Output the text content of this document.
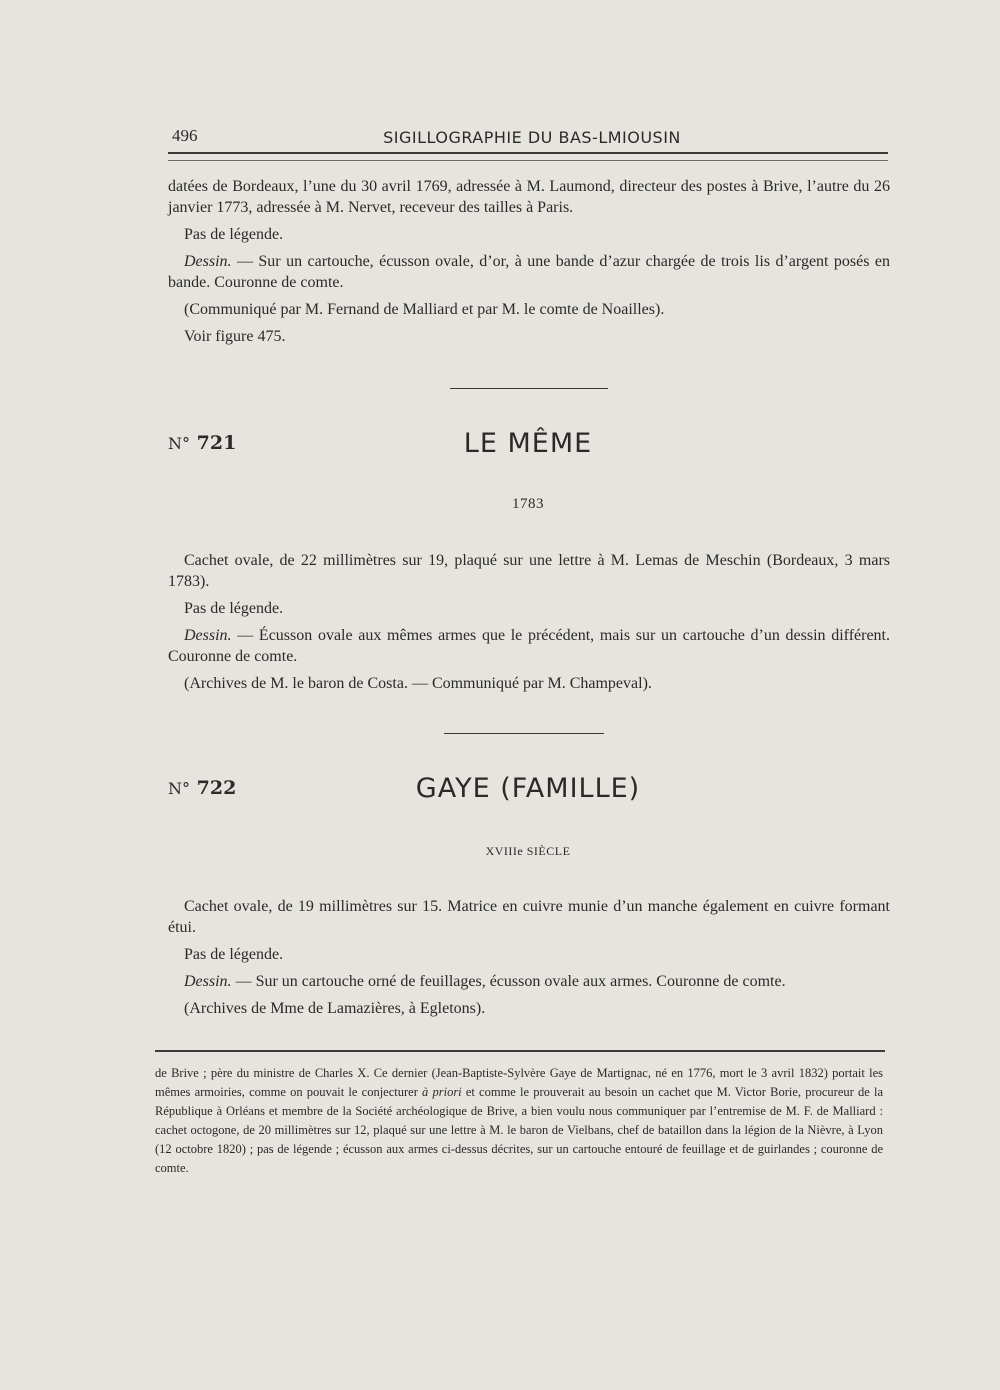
496	SIGILLOGRAPHIE DU BAS-LMIOUSIN

datées de Bordeaux, l’une du 30 avril 1769, adressée à M. Laumond, directeur des postes à Brive, l’autre du 26 janvier 1773, adressée à M. Nervet, receveur des tailles à Paris.

Pas de légende.

Dessin. — Sur un cartouche, écusson ovale, d’or, à une bande d’azur chargée de trois lis d’argent posés en bande. Couronne de comte.

(Communiqué par M. Fernand de Malliard et par M. le comte de Noailles).

Voir figure 475.

N° 721	LE MÊME
1783

Cachet ovale, de 22 millimètres sur 19, plaqué sur une lettre à M. Lemas de Meschin (Bordeaux, 3 mars 1783).

Pas de légende.

Dessin. — Écusson ovale aux mêmes armes que le précédent, mais sur un cartouche d’un dessin différent. Couronne de comte.

(Archives de M. le baron de Costa. — Communiqué par M. Champeval).

N° 722	GAYE (FAMILLE)
XVIIIe SIÈCLE

Cachet ovale, de 19 millimètres sur 15. Matrice en cuivre munie d’un manche également en cuivre formant étui.

Pas de légende.

Dessin. — Sur un cartouche orné de feuillages, écusson ovale aux armes. Couronne de comte.

(Archives de Mme de Lamazières, à Egletons).

de Brive ; père du ministre de Charles X. Ce dernier (Jean-Baptiste-Sylvère Gaye de Martignac, né en 1776, mort le 3 avril 1832) portait les mêmes armoiries, comme on pouvait le conjecturer à priori et comme le prouverait au besoin un cachet que M. Victor Borie, procureur de la République à Orléans et membre de la Société archéologique de Brive, a bien voulu nous communiquer par l’entremise de M. F. de Malliard : cachet octogone, de 20 millimètres sur 12, plaqué sur une lettre à M. le baron de Vielbans, chef de bataillon dans la légion de la Nièvre, à Lyon (12 octobre 1820) ; pas de légende ; écusson aux armes ci-dessus décrites, sur un cartouche entouré de feuillage et de guirlandes ; couronne de comte.
